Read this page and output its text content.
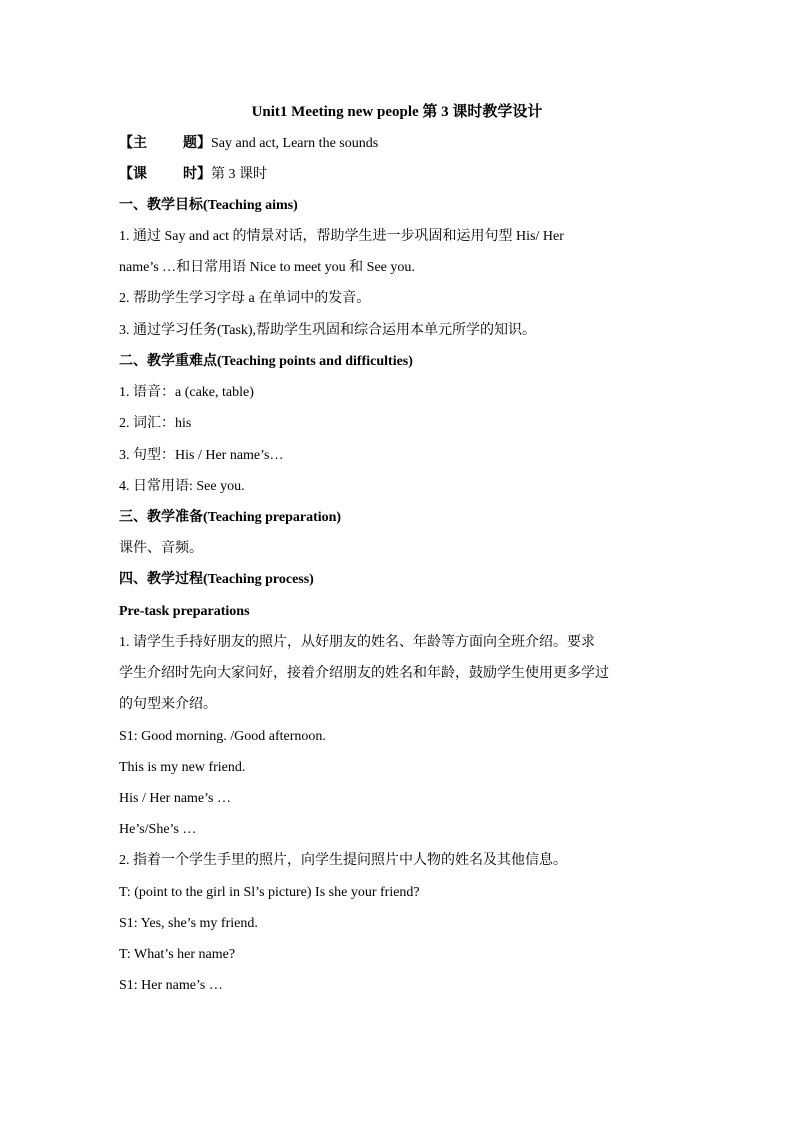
Unit1 Meeting new people 第 3 课时教学设计
【主	题】Say and act, Learn the sounds
【课	时】第 3 课时
一、教学目标(Teaching aims)
1. 通过 Say and act 的情景对话，帮助学生进一步巩固和运用句型 His/ Her
name’s …和日常用语 Nice to meet you 和 See you.
2. 帮助学生学习字母 a 在单词中的发音。
3. 通过学习任务(Task),帮助学生巩固和综合运用本单元所学的知识。
二、教学重难点(Teaching points and difficulties)
1. 语音：a (cake, table)
2. 词汇：his
3. 句型：His / Her name’s…
4. 日常用语: See you.
三、教学准备(Teaching preparation)
课件、音频。
四、教学过程(Teaching process)
Pre-task preparations
1. 请学生手持好朋友的照片，从好朋友的姓名、年龄等方面向全班介绍。要求
学生介绍时先向大家问好，接着介绍朋友的姓名和年龄，鼓励学生使用更多学过
的句型来介绍。
S1: Good morning. /Good afternoon.
This is my new friend.
His / Her name’s …
He’s/She’s …
2. 指着一个学生手里的照片，向学生提问照片中人物的姓名及其他信息。
T: (point to the girl in Sl’s picture) Is she your friend?
S1: Yes, she’s my friend.
T: What’s her name?
S1: Her name’s …
